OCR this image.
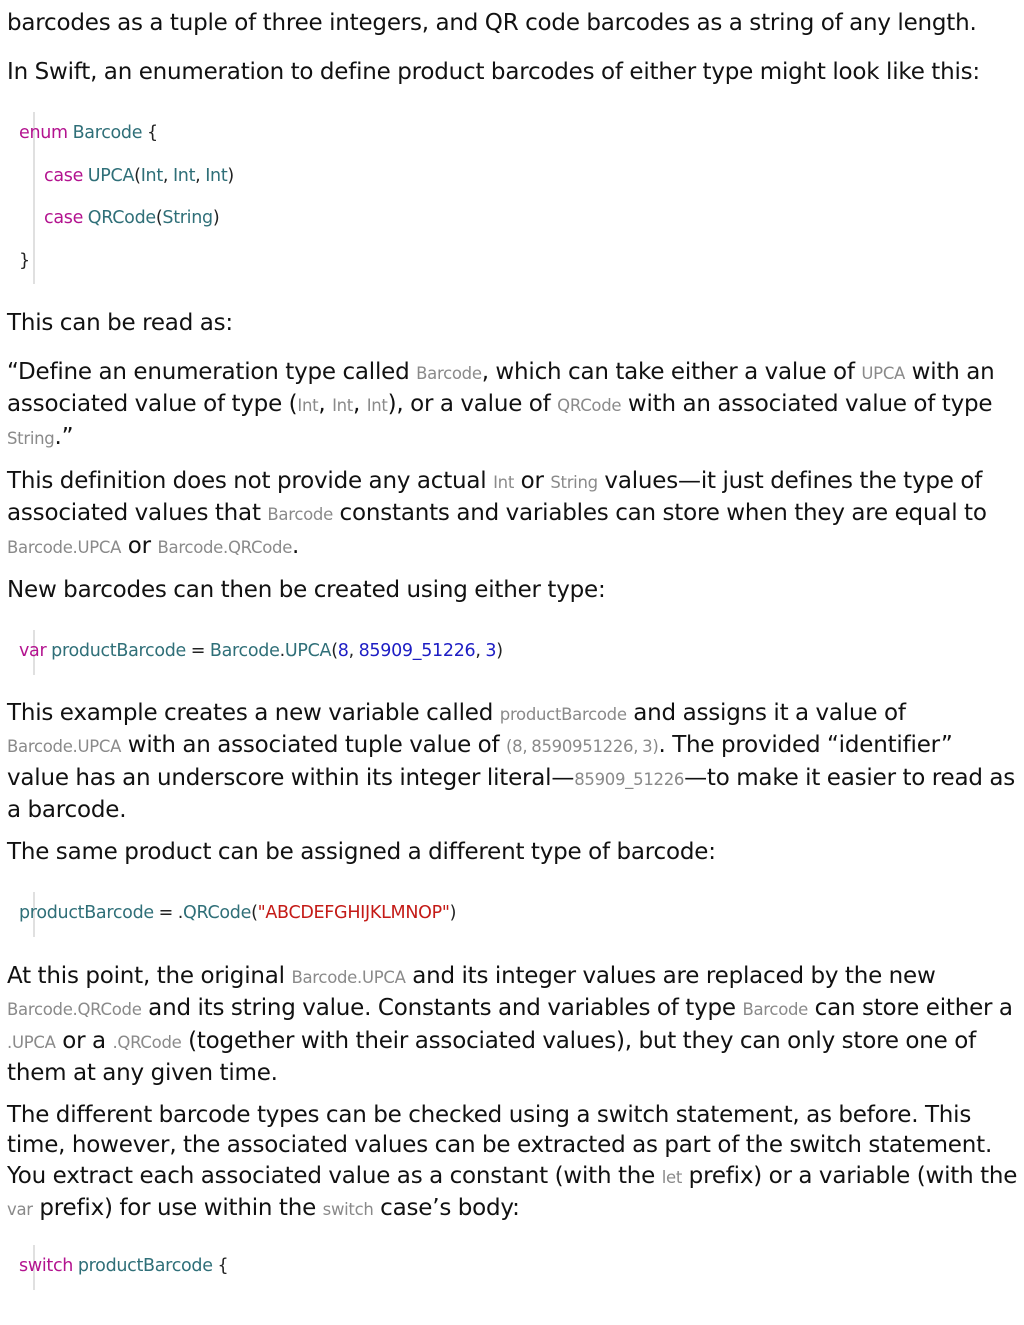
barcodes as a tuple of three integers, and QR code barcodes as a string of any length.

In Swift, an enumeration to define product barcodes of either type might look like this:

enum Barcode {
case UPCA(Int, Int, Int)
case QRCode(String)
}

This can be read as:

“Define an enumeration type called Barcode, which can take either a value of UPCA with an associated value of type (Int, Int, Int), or a value of QRCode with an associated value of type String.”

This definition does not provide any actual Int or String values—it just defines the type of associated values that Barcode constants and variables can store when they are equal to Barcode.UPCA or Barcode.QRCode.

New barcodes can then be created using either type:

var productBarcode = Barcode.UPCA(8, 85909_51226, 3)

This example creates a new variable called productBarcode and assigns it a value of Barcode.UPCA with an associated tuple value of (8, 8590951226, 3). The provided “identifier” value has an underscore within its integer literal—85909_51226—to make it easier to read as a barcode.

The same product can be assigned a different type of barcode:

productBarcode = .QRCode("ABCDEFGHIJKLMNOP")

At this point, the original Barcode.UPCA and its integer values are replaced by the new Barcode.QRCode and its string value. Constants and variables of type Barcode can store either a .UPCA or a .QRCode (together with their associated values), but they can only store one of them at any given time.

The different barcode types can be checked using a switch statement, as before. This time, however, the associated values can be extracted as part of the switch statement. You extract each associated value as a constant (with the let prefix) or a variable (with the var prefix) for use within the switch case’s body:

switch productBarcode {
